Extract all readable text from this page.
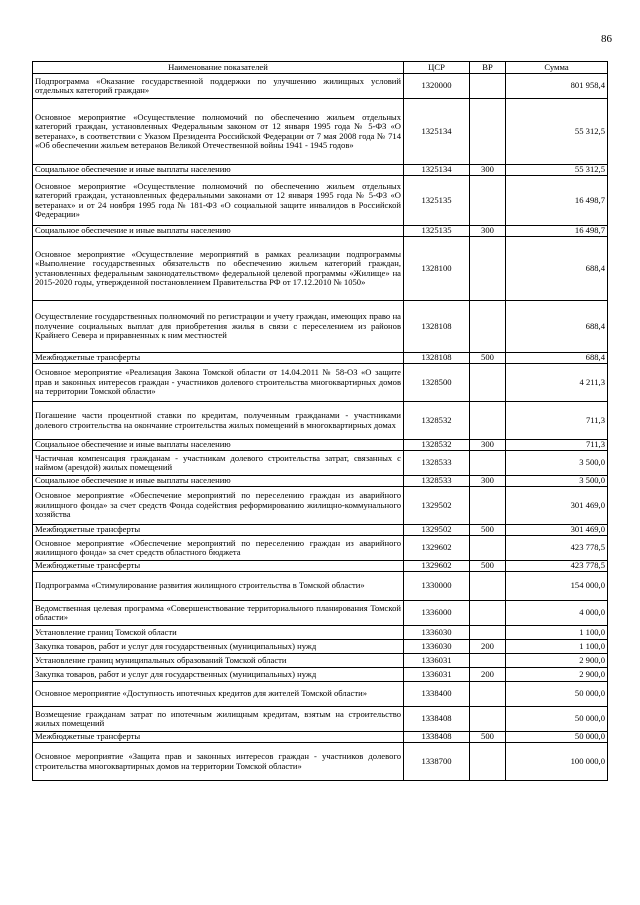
86
Наименование показателей	ЦСР	ВР	Сумма
Подпрограмма «Оказание государственной поддержки по улучшению жилищных условий отдельных категорий граждан»	1320000		801 958,4
Основное мероприятие «Осуществление полномочий по обеспечению жильем отдельных категорий граждан, установленных Федеральным законом от 12 января 1995 года № 5-ФЗ «О ветеранах», в соответствии с Указом Президента Российской Федерации от 7 мая 2008 года № 714 «Об обеспечении жильем ветеранов Великой Отечественной войны 1941 - 1945 годов»	1325134		55 312,5
Социальное обеспечение и иные выплаты населению	1325134	300	55 312,5
Основное мероприятие «Осуществление полномочий по обеспечению жильем отдельных категорий граждан, установленных федеральными законами от 12 января 1995 года № 5-ФЗ «О ветеранах» и от 24 ноября 1995 года № 181-ФЗ «О социальной защите инвалидов в Российской Федерации»	1325135		16 498,7
Социальное обеспечение и иные выплаты населению	1325135	300	16 498,7
Основное мероприятие «Осуществление мероприятий в рамках реализации подпрограммы «Выполнение государственных обязательств по обеспечению жильем категорий граждан, установленных федеральным законодательством» федеральной целевой программы «Жилище» на 2015-2020 годы, утвержденной постановлением Правительства РФ от 17.12.2010 № 1050»	1328100		688,4
Осуществление государственных полномочий по регистрации и учету граждан, имеющих право на получение социальных выплат для приобретения жилья в связи с переселением из районов Крайнего Севера и приравненных к ним местностей	1328108		688,4
Межбюджетные трансферты	1328108	500	688,4
Основное мероприятие «Реализация Закона Томской области от 14.04.2011 № 58-ОЗ «О защите прав и законных интересов граждан - участников долевого строительства многоквартирных домов на территории Томской области»	1328500		4 211,3
Погашение части процентной ставки по кредитам, полученным гражданами - участниками долевого строительства на окончание строительства жилых помещений в многоквартирных домах	1328532		711,3
Социальное обеспечение и иные выплаты населению	1328532	300	711,3
Частичная компенсация гражданам - участникам долевого строительства затрат, связанных с наймом (арендой) жилых помещений	1328533		3 500,0
Социальное обеспечение и иные выплаты населению	1328533	300	3 500,0
Основное мероприятие «Обеспечение мероприятий по переселению граждан из аварийного жилищного фонда» за счет средств Фонда содействия реформированию жилищно-коммунального хозяйства	1329502		301 469,0
Межбюджетные трансферты	1329502	500	301 469,0
Основное мероприятие «Обеспечение мероприятий по переселению граждан из аварийного жилищного фонда» за счет средств областного бюджета	1329602		423 778,5
Межбюджетные трансферты	1329602	500	423 778,5
Подпрограмма «Стимулирование развития жилищного строительства в Томской области»	1330000		154 000,0
Ведомственная целевая программа «Совершенствование территориального планирования Томской области»	1336000		4 000,0
Установление границ Томской области	1336030		1 100,0
Закупка товаров, работ и услуг для государственных (муниципальных) нужд	1336030	200	1 100,0
Установление границ муниципальных образований Томской области	1336031		2 900,0
Закупка товаров, работ и услуг для государственных (муниципальных) нужд	1336031	200	2 900,0
Основное мероприятие «Доступность ипотечных кредитов для жителей Томской области»	1338400		50 000,0
Возмещение гражданам затрат по ипотечным жилищным кредитам, взятым на строительство жилых помещений	1338408		50 000,0
Межбюджетные трансферты	1338408	500	50 000,0
Основное мероприятие «Защита прав и законных интересов граждан - участников долевого строительства многоквартирных домов на территории Томской области»	1338700		100 000,0
